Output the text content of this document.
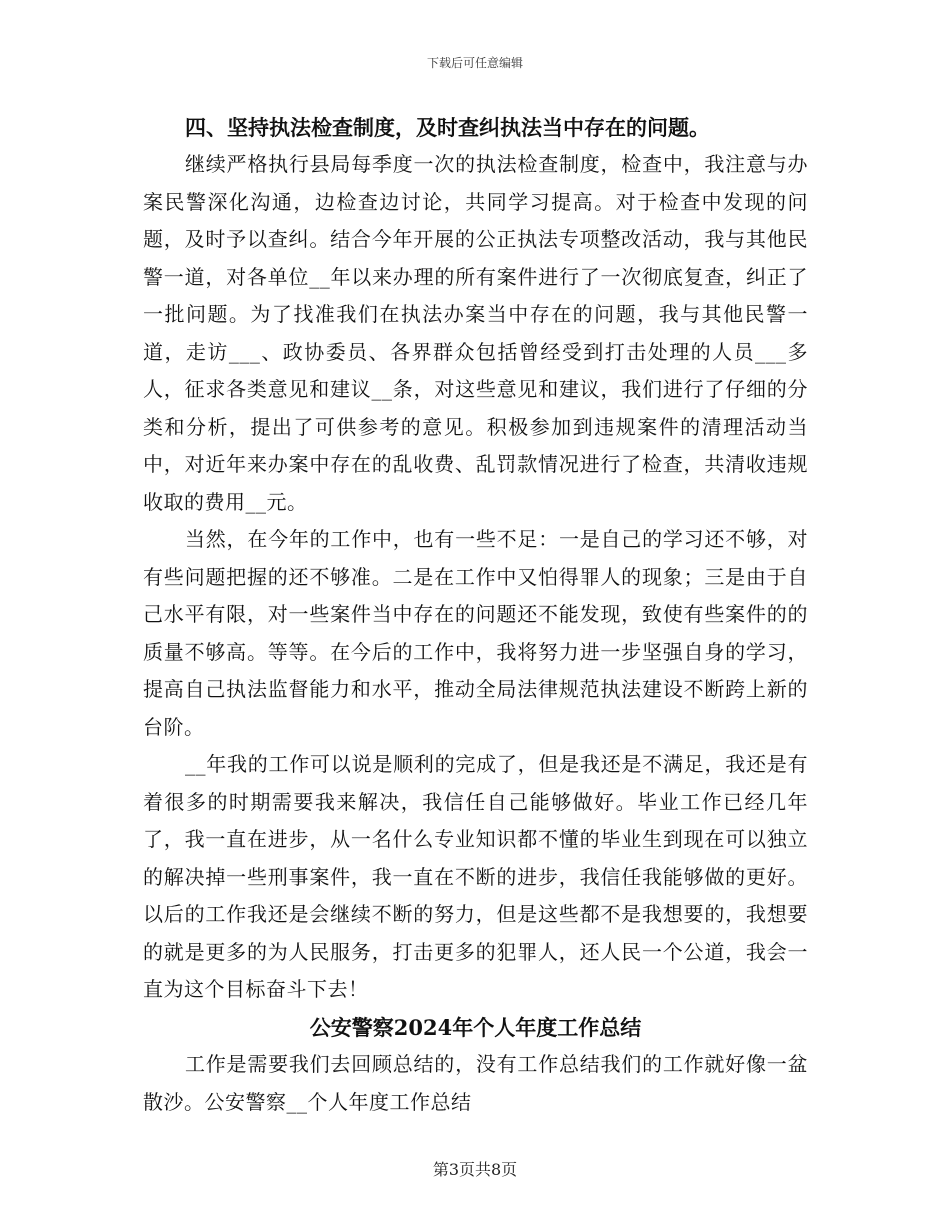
下载后可任意编辑
四、坚持执法检查制度，及时查纠执法当中存在的问题。

继续严格执行县局每季度一次的执法检查制度，检查中，我注意与办案民警深化沟通，边检查边讨论，共同学习提高。对于检查中发现的问题，及时予以查纠。结合今年开展的公正执法专项整改活动，我与其他民警一道，对各单位__年以来办理的所有案件进行了一次彻底复查，纠正了一批问题。为了找准我们在执法办案当中存在的问题，我与其他民警一道，走访___、政协委员、各界群众包括曾经受到打击处理的人员___多人，征求各类意见和建议__条，对这些意见和建议，我们进行了仔细的分类和分析，提出了可供参考的意见。积极参加到违规案件的清理活动当中，对近年来办案中存在的乱收费、乱罚款情况进行了检查，共清收违规收取的费用__元。

当然，在今年的工作中，也有一些不足：一是自己的学习还不够，对有些问题把握的还不够准。二是在工作中又怕得罪人的现象；三是由于自己水平有限，对一些案件当中存在的问题还不能发现，致使有些案件的的质量不够高。等等。在今后的工作中，我将努力进一步坚强自身的学习，提高自己执法监督能力和水平，推动全局法律规范执法建设不断跨上新的台阶。

__年我的工作可以说是顺利的完成了，但是我还是不满足，我还是有着很多的时期需要我来解决，我信任自己能够做好。毕业工作已经几年了，我一直在进步，从一名什么专业知识都不懂的毕业生到现在可以独立的解决掉一些刑事案件，我一直在不断的进步，我信任我能够做的更好。以后的工作我还是会继续不断的努力，但是这些都不是我想要的，我想要的就是更多的为人民服务，打击更多的犯罪人，还人民一个公道，我会一直为这个目标奋斗下去！

公安警察2024年个人年度工作总结

工作是需要我们去回顾总结的，没有工作总结我们的工作就好像一盆散沙。公安警察__个人年度工作总结

第3页共8页
